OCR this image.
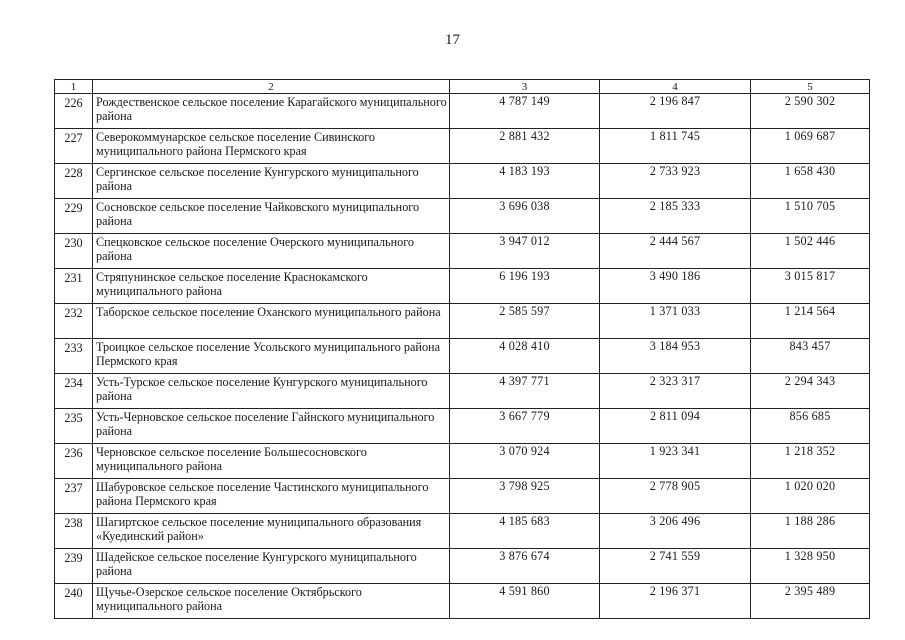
17
1	2	3	4	5
226	Рождественское сельское поселение Карагайского муниципального района	4 787 149	2 196 847	2 590 302
227	Северокоммунарское сельское поселение Сивинского муниципального района Пермского края	2 881 432	1 811 745	1 069 687
228	Сергинское сельское поселение Кунгурского муниципального района	4 183 193	2 733 923	1 658 430
229	Сосновское сельское поселение Чайковского муниципального района	3 696 038	2 185 333	1 510 705
230	Спецковское сельское поселение Очерского муниципального района	3 947 012	2 444 567	1 502 446
231	Стряпунинское сельское поселение Краснокамского муниципального района	6 196 193	3 490 186	3 015 817
232	Таборское сельское поселение Оханского муниципального района	2 585 597	1 371 033	1 214 564
233	Троицкое сельское поселение Усольского муниципального района Пермского края	4 028 410	3 184 953	843 457
234	Усть-Турское сельское поселение Кунгурского муниципального района	4 397 771	2 323 317	2 294 343
235	Усть-Черновское сельское поселение Гайнского муниципального района	3 667 779	2 811 094	856 685
236	Черновское сельское поселение Большесосновского муниципального района	3 070 924	1 923 341	1 218 352
237	Шабуровское сельское поселение Частинского муниципального района Пермского края	3 798 925	2 778 905	1 020 020
238	Шагиртское сельское поселение муниципального образования «Куединский район»	4 185 683	3 206 496	1 188 286
239	Шадейское сельское поселение Кунгурского муниципального района	3 876 674	2 741 559	1 328 950
240	Щучье-Озерское сельское поселение Октябрьского муниципального района	4 591 860	2 196 371	2 395 489
